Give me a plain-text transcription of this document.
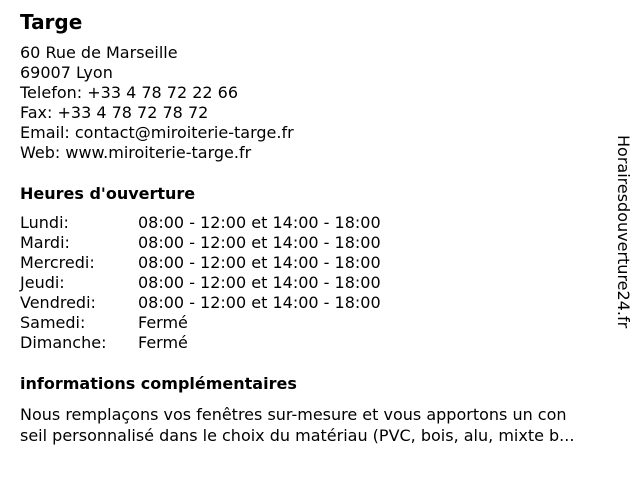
Targe
60 Rue de Marseille
69007 Lyon
Telefon: +33 4 78 72 22 66
Fax: +33 4 78 72 78 72
Email: contact@miroiterie-targe.fr
Web: www.miroiterie-targe.fr
Heures d'ouverture
Lundi:	08:00 - 12:00 et 14:00 - 18:00
Mardi:	08:00 - 12:00 et 14:00 - 18:00
Mercredi:	08:00 - 12:00 et 14:00 - 18:00
Jeudi:	08:00 - 12:00 et 14:00 - 18:00
Vendredi:	08:00 - 12:00 et 14:00 - 18:00
Samedi:	Fermé
Dimanche: Fermé
informations complémentaires
Nous remplaçons vos fenêtres sur-mesure et vous apportons un con
seil personnalisé dans le choix du matériau (PVC, bois, alu, mixte b...
Horairesdouverture24.fr
